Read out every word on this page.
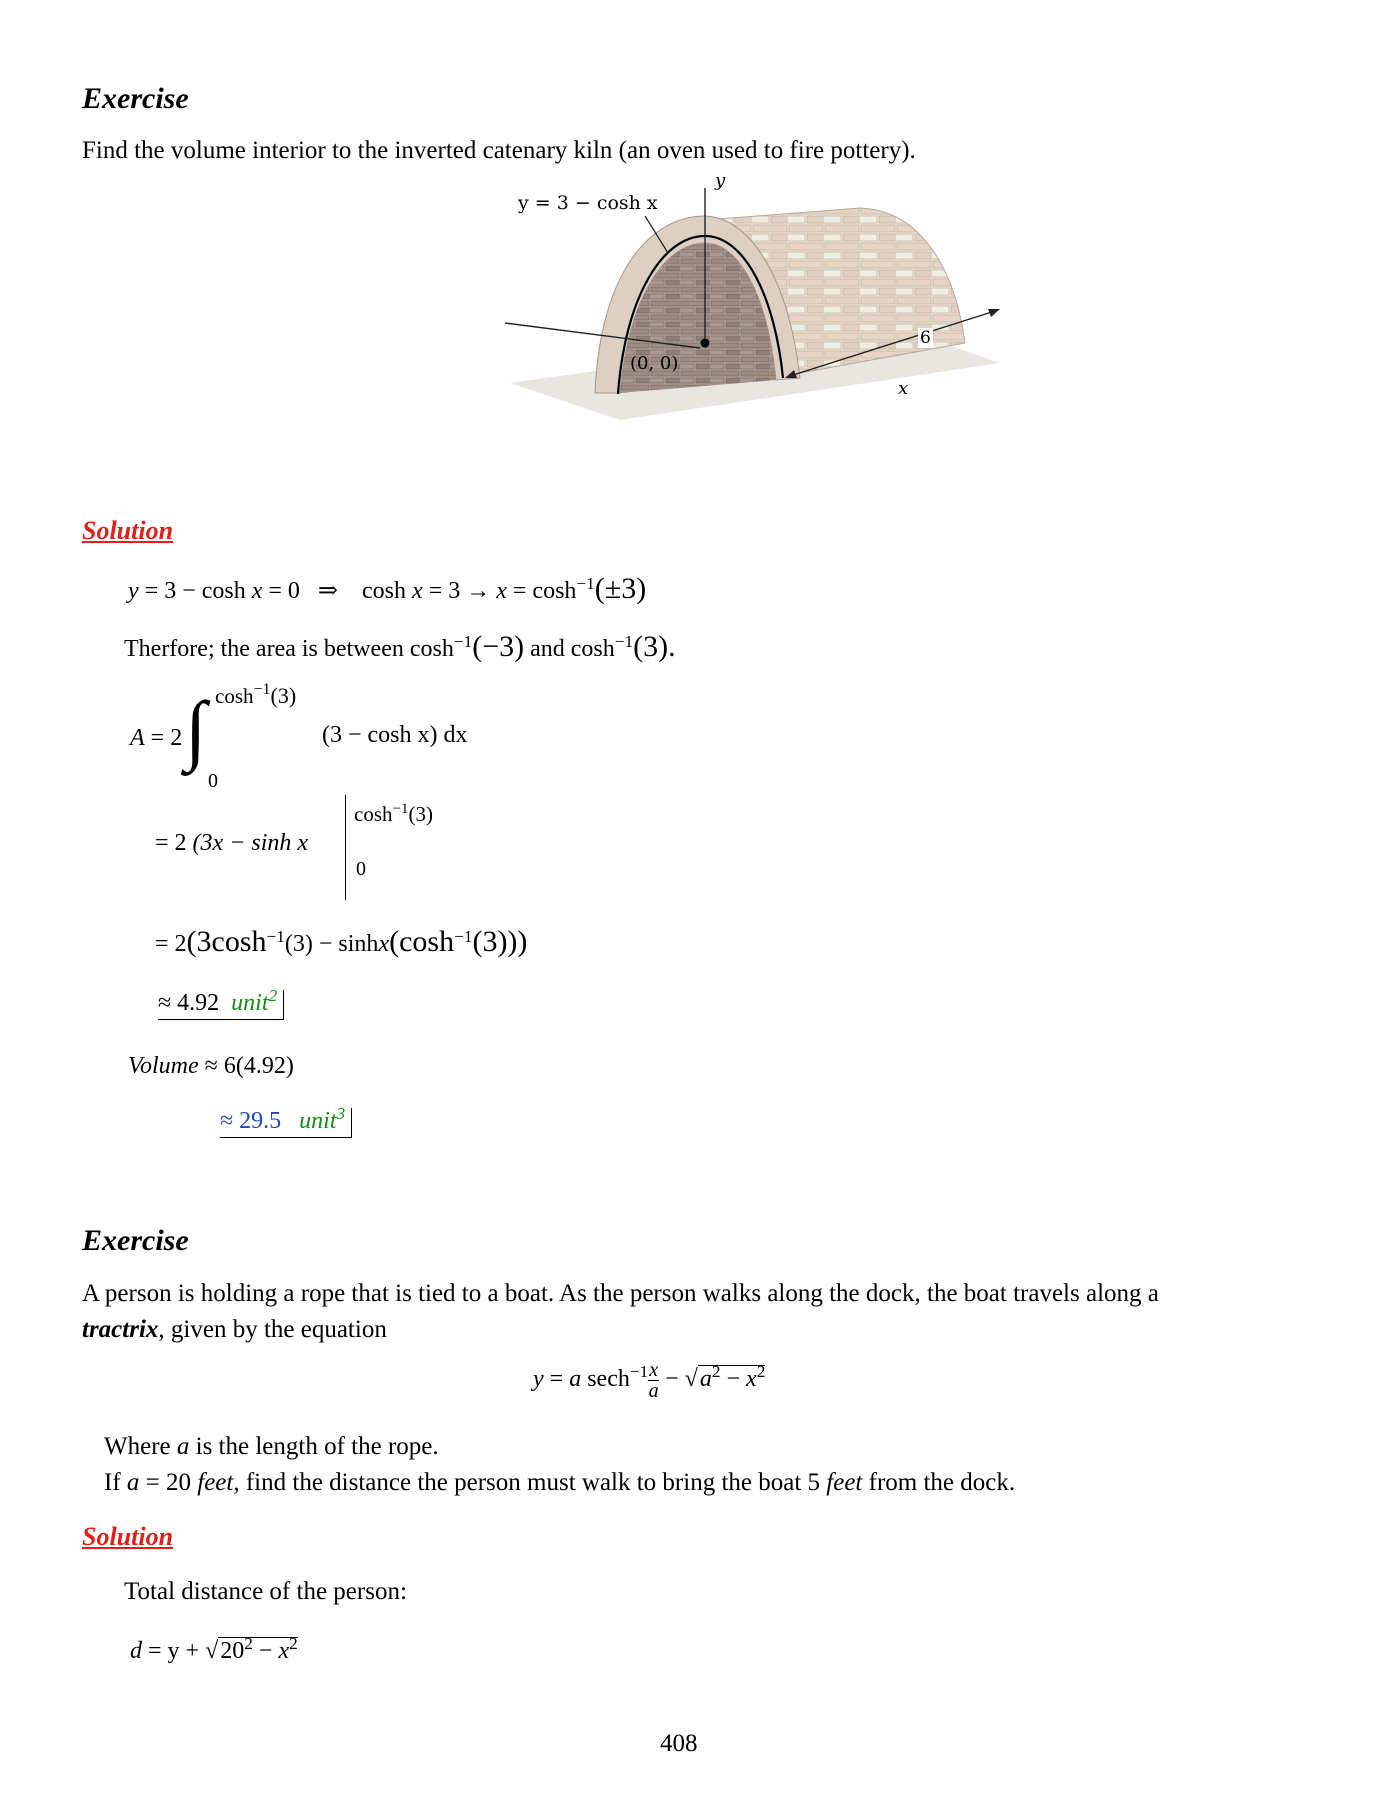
Exercise
Find the volume interior to the inverted catenary kiln (an oven used to fire pottery).
y = 3 − cosh x
y
(0, 0)
6
x
Solution
y = 3 − cosh x = 0 ⇒ $\cosh x = 3 \to x = \cosh^{-1}(\pm 3)$
Therfore; the area is between $\cosh^{-1}(-3)$ and $\cosh^{-1}(3)$.
A = 2 ∫ $\cosh^{-1}(3)$
0
(3 − cosh x) dx
= 2 (3x − sinh x
$\cosh^{-1}(3)$
0
= $2(3\cosh^{-1}(3) - \sinh x(\cosh^{-1}(3)))$
≈ 4.92 unit$^2$
Volume ≈ 6(4.92)
≈ 29.5 unit$^3$
Exercise
A person is holding a rope that is tied to a boat. As the person walks along the dock, the boat travels along a
tractrix, given by the equation
y = a $\sec h^{-1} \frac{x}{a} - √a^2 - x^2$
Where a is the length of the rope.
If a = 20 feet, find the distance the person must walk to bring the boat 5 feet from the dock.
Solution
Total distance of the person:
$d = y + √20^2 - x^2$
408
